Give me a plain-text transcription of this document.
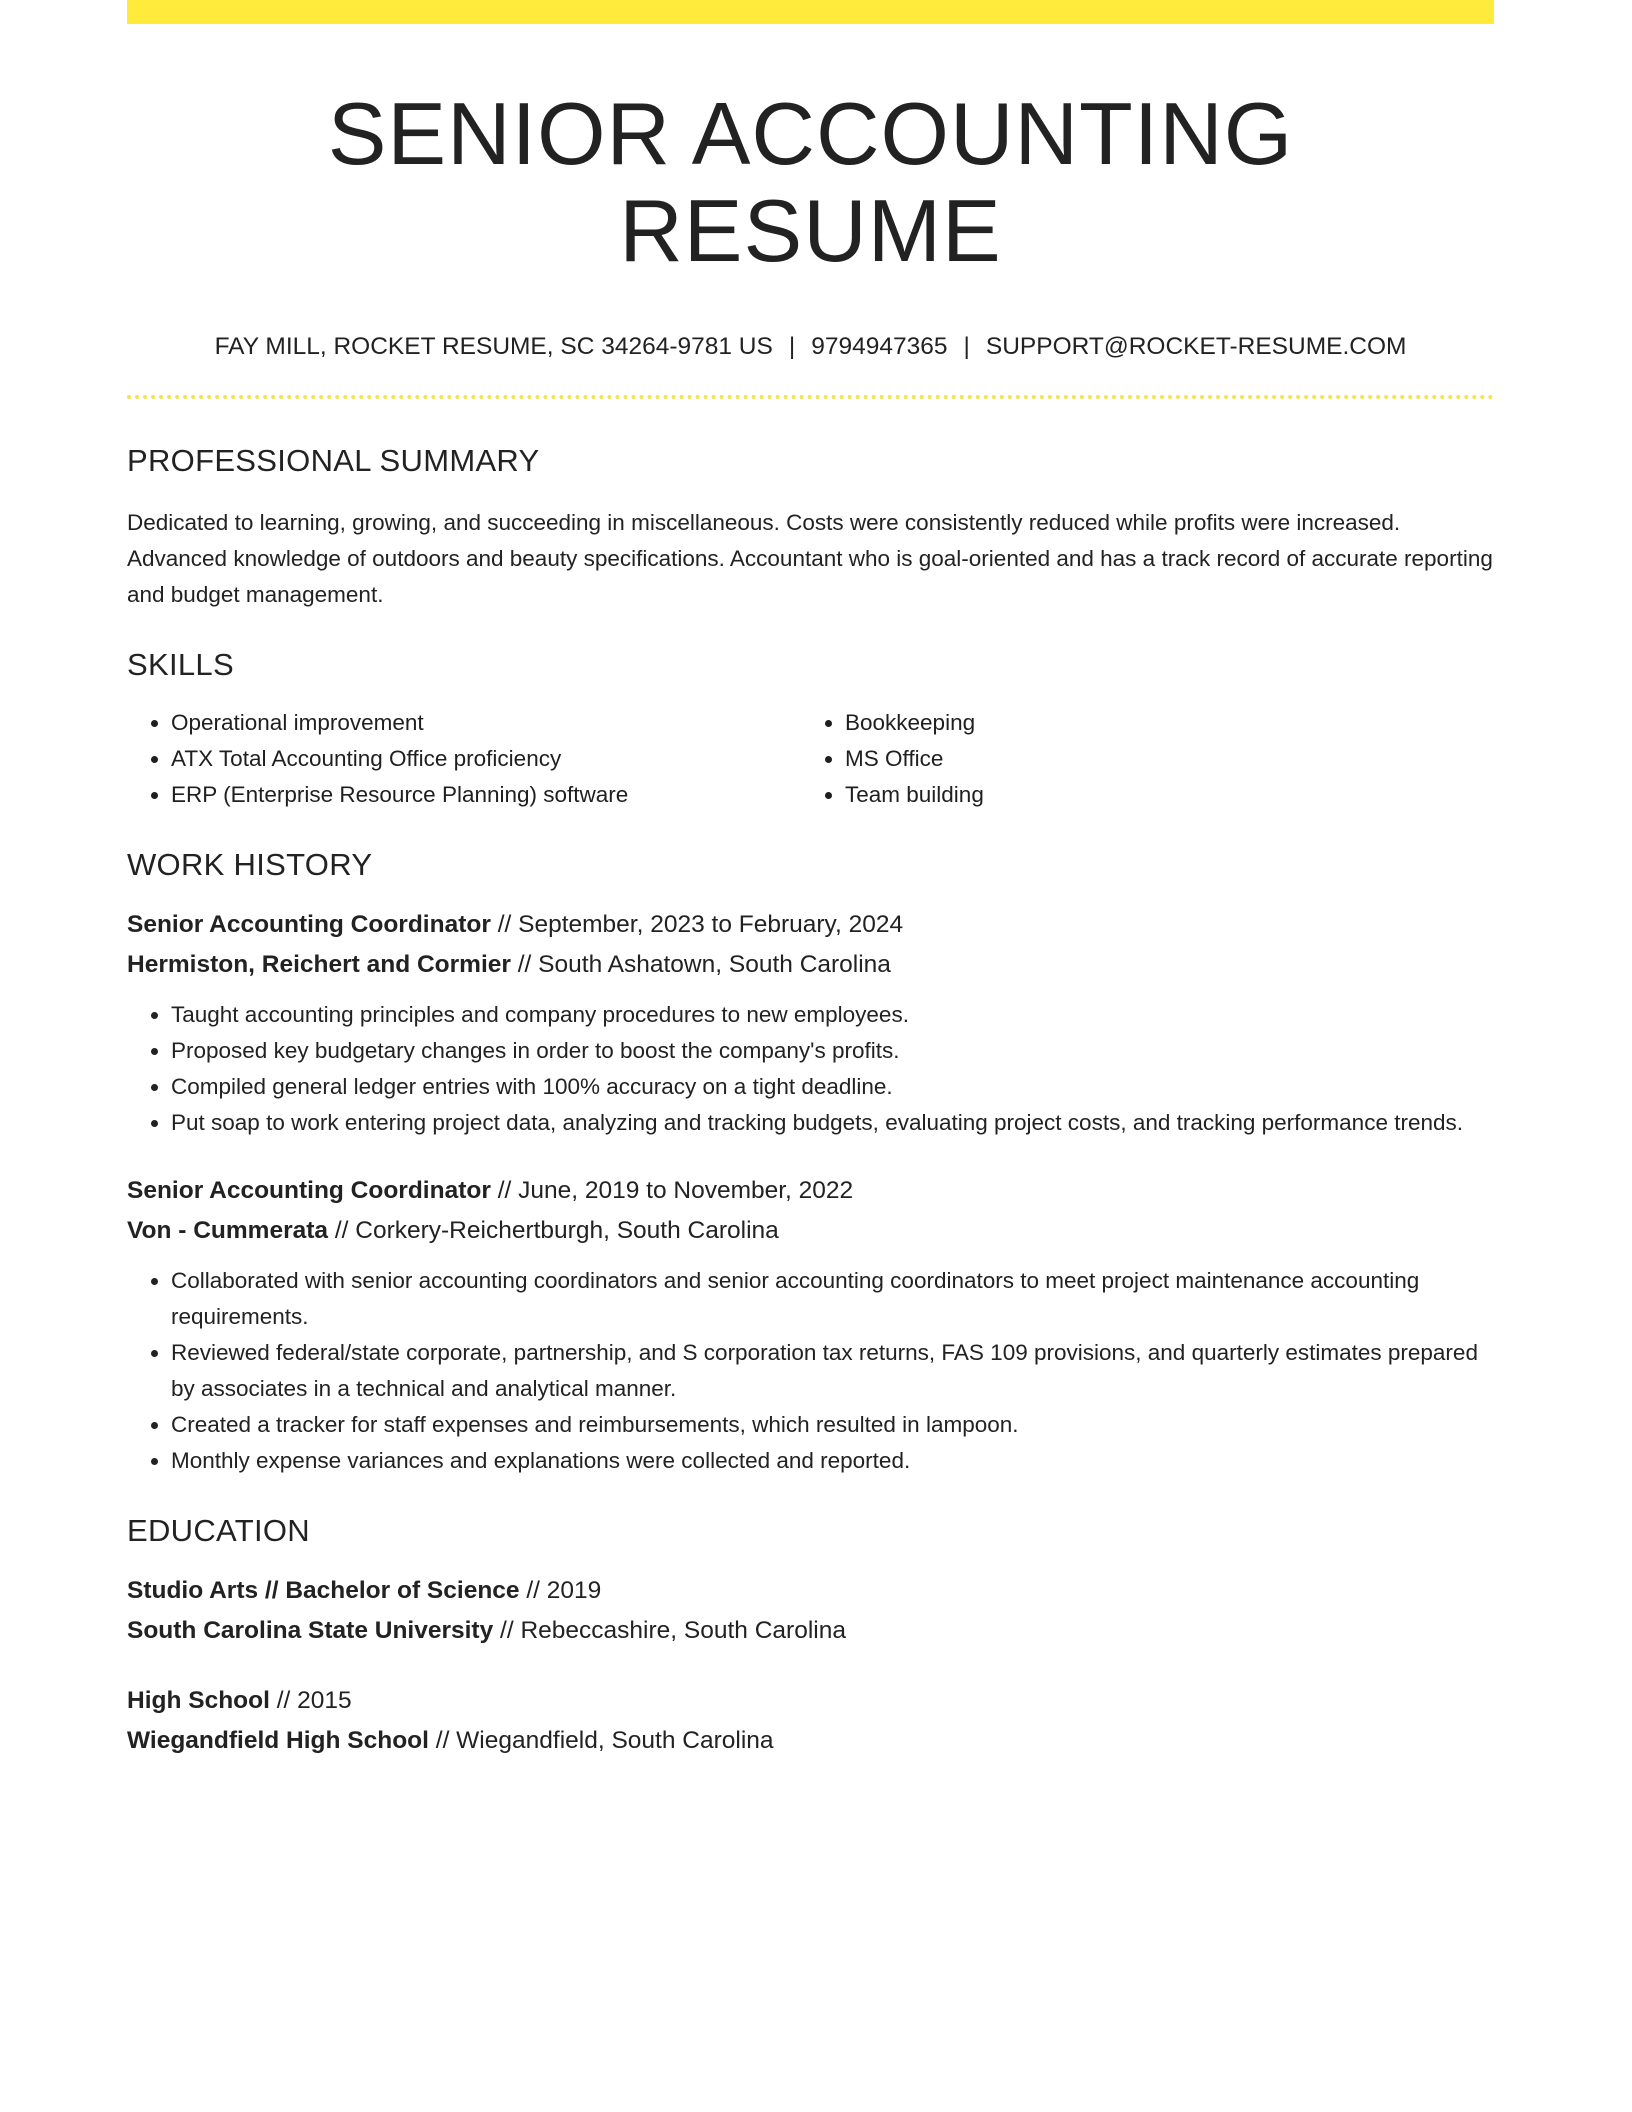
SENIOR ACCOUNTING RESUME
FAY MILL, ROCKET RESUME, SC 34264-9781 US | 9794947365 | SUPPORT@ROCKET-RESUME.COM
PROFESSIONAL SUMMARY

Dedicated to learning, growing, and succeeding in miscellaneous. Costs were consistently reduced while profits were increased. Advanced knowledge of outdoors and beauty specifications. Accountant who is goal-oriented and has a track record of accurate reporting and budget management.

SKILLS
• Operational improvement
• ATX Total Accounting Office proficiency
• ERP (Enterprise Resource Planning) software
• Bookkeeping
• MS Office
• Team building
WORK HISTORY
Senior Accounting Coordinator // September, 2023 to February, 2024
Hermiston, Reichert and Cormier // South Ashatown, South Carolina
• Taught accounting principles and company procedures to new employees.
• Proposed key budgetary changes in order to boost the company's profits.
• Compiled general ledger entries with 100% accuracy on a tight deadline.
• Put soap to work entering project data, analyzing and tracking budgets, evaluating project costs, and tracking performance trends.
Senior Accounting Coordinator // June, 2019 to November, 2022
Von - Cummerata // Corkery-Reichertburgh, South Carolina
• Collaborated with senior accounting coordinators and senior accounting coordinators to meet project maintenance accounting requirements.
• Reviewed federal/state corporate, partnership, and S corporation tax returns, FAS 109 provisions, and quarterly estimates prepared by associates in a technical and analytical manner.
• Created a tracker for staff expenses and reimbursements, which resulted in lampoon.
• Monthly expense variances and explanations were collected and reported.
EDUCATION
Studio Arts // Bachelor of Science // 2019
South Carolina State University // Rebeccashire, South Carolina
High School // 2015
Wiegandfield High School // Wiegandfield, South Carolina
